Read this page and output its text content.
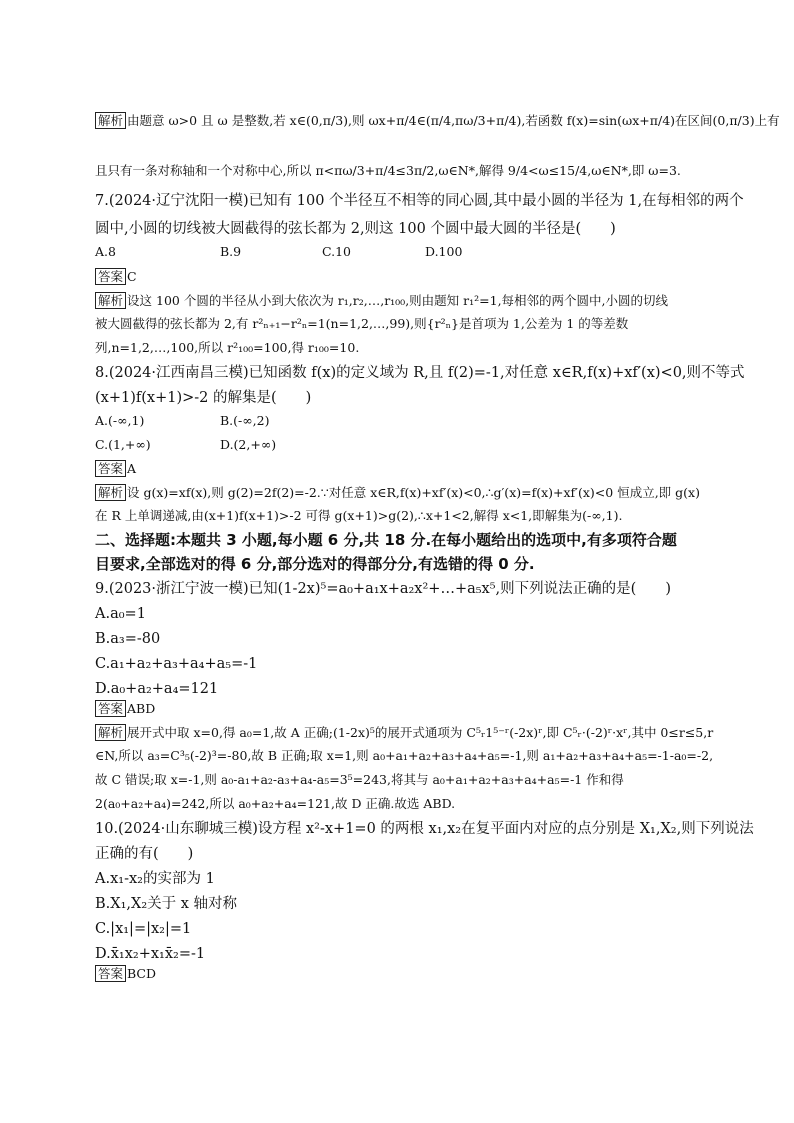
解析 由题意 ω>0 且 ω 是整数,若 x∈(0,π/3),则 ωx+π/4∈(π/4,πω/3+π/4),若函数 f(x)=sin(ωx+π/4)在区间(0,π/3)上有
且只有一条对称轴和一个对称中心,所以 π<πω/3+π/4≤3π/2,ω∈N*,解得 9/4<ω≤15/4,ω∈N*,即 ω=3.
7.(2024·辽宁沈阳一模)已知有 100 个半径互不相等的同心圆,其中最小圆的半径为 1,在每相邻的两个
圆中,小圆的切线被大圆截得的弦长都为 2,则这 100 个圆中最大圆的半径是(　　)
答案 C
解析 设这 100 个圆的半径从小到大依次为 r₁,r₂,…,r₁₀₀,则由题知 r₁²=1,每相邻的两个圆中,小圆的切线
被大圆截得的弦长都为 2,有 r²ₙ₊₁−r²ₙ=1(n=1,2,…,99),则{r²ₙ}是首项为 1,公差为 1 的等差数
列,n=1,2,…,100,所以 r²₁₀₀=100,得 r₁₀₀=10.
8.(2024·江西南昌三模)已知函数 f(x)的定义域为 R,且 f(2)=-1,对任意 x∈R,f(x)+xf′(x)<0,则不等式
(x+1)f(x+1)>-2 的解集是(　　)
答案 A
解析 设 g(x)=xf(x),则 g(2)=2f(2)=-2.∵对任意 x∈R,f(x)+xf′(x)<0,∴g′(x)=f(x)+xf′(x)<0 恒成立,即 g(x)
在 R 上单调递减,由(x+1)f(x+1)>-2 可得 g(x+1)>g(2),∴x+1<2,解得 x<1,即解集为(-∞,1).
二、选择题:本题共 3 小题,每小题 6 分,共 18 分.在每小题给出的选项中,有多项符合题
目要求,全部选对的得 6 分,部分选对的得部分分,有选错的得 0 分.
9.(2023·浙江宁波一模)已知(1-2x)⁵=a₀+a₁x+a₂x²+…+a₅x⁵,则下列说法正确的是(　　)
A.a₀=1
B.a₃=-80
C.a₁+a₂+a₃+a₄+a₅=-1
D.a₀+a₂+a₄=121
答案 ABD
解析 展开式中取 x=0,得 a₀=1,故 A 正确;(1-2x)⁵的展开式通项为 C⁵ᵣ1⁵⁻ʳ(-2x)ʳ,即 C⁵ᵣ·(-2)ʳ·xʳ,其中 0≤r≤5,r
∈N,所以 a₃=C³₅(-2)³=-80,故 B 正确;取 x=1,则 a₀+a₁+a₂+a₃+a₄+a₅=-1,则 a₁+a₂+a₃+a₄+a₅=-1-a₀=-2,
故 C 错误;取 x=-1,则 a₀-a₁+a₂-a₃+a₄-a₅=3⁵=243,将其与 a₀+a₁+a₂+a₃+a₄+a₅=-1 作和得
2(a₀+a₂+a₄)=242,所以 a₀+a₂+a₄=121,故 D 正确.故选 ABD.
10.(2024·山东聊城三模)设方程 x²-x+1=0 的两根 x₁,x₂在复平面内对应的点分别是 X₁,X₂,则下列说法
正确的有(　　)
A.x₁-x₂的实部为 1
B.X₁,X₂关于 x 轴对称
C.|x₁|=|x₂|=1
D.x̄₁x₂+x₁x̄₂=-1
答案 BCD
A.8	B.9	C.10	D.100
A.(-∞,1)	B.(-∞,2)
C.(1,+∞)	D.(2,+∞)
